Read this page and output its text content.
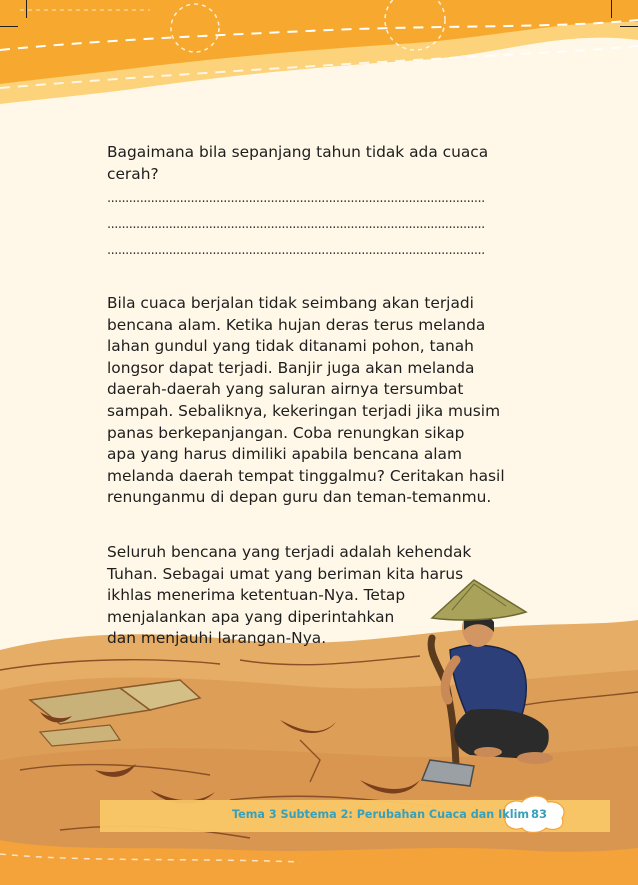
Bagaimana bila sepanjang tahun tidak ada cuaca
cerah?
........................................................................................................
........................................................................................................
........................................................................................................
Bila cuaca berjalan tidak seimbang akan terjadi
bencana alam. Ketika hujan deras terus melanda
lahan gundul yang tidak ditanami pohon, tanah
longsor dapat terjadi. Banjir juga akan melanda
daerah-daerah yang saluran airnya tersumbat
sampah. Sebaliknya, kekeringan terjadi jika musim
panas berkepanjangan. Coba renungkan sikap
apa yang harus dimiliki apabila bencana alam
melanda daerah tempat tinggalmu? Ceritakan hasil
renunganmu di depan guru dan teman-temanmu.
Seluruh bencana yang terjadi adalah kehendak
Tuhan. Sebagai umat yang beriman kita harus
ikhlas menerima ketentuan-Nya. Tetap
menjalankan apa yang diperintahkan
dan menjauhi larangan-Nya.
Tema 3 Subtema 2: Perubahan Cuaca dan Iklim 83
